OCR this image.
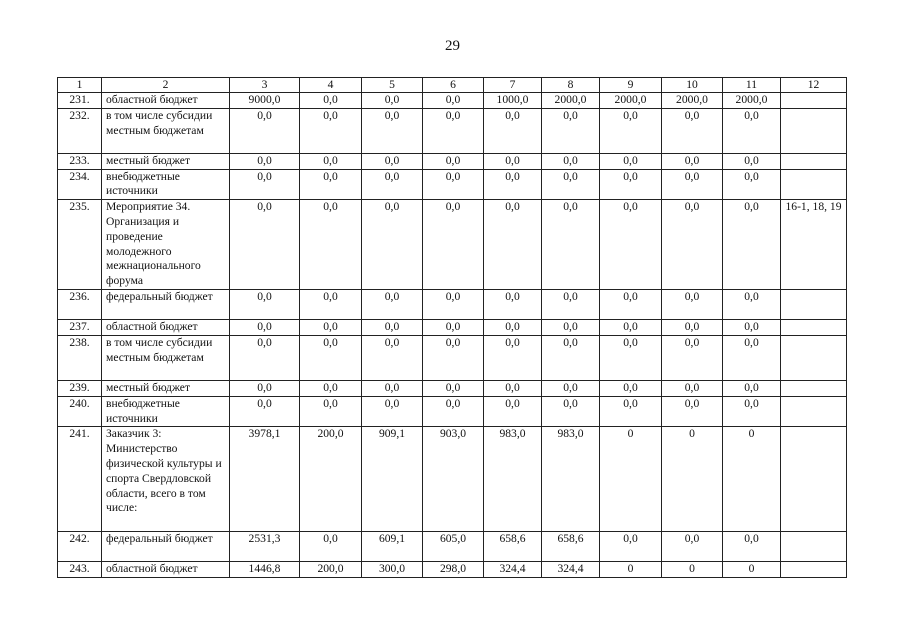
29
1	2	3	4	5	6	7	8	9	10	11	12
231.	областной бюджет	9000,0	0,0	0,0	0,0	1000,0	2000,0	2000,0	2000,0	2000,0	
232.	в том числе субсидии местным бюджетам	0,0	0,0	0,0	0,0	0,0	0,0	0,0	0,0	0,0	
233.	местный бюджет	0,0	0,0	0,0	0,0	0,0	0,0	0,0	0,0	0,0	
234.	внебюджетные источники	0,0	0,0	0,0	0,0	0,0	0,0	0,0	0,0	0,0	
235.	Мероприятие 34. Организация и проведение молодежного межнационального форума	0,0	0,0	0,0	0,0	0,0	0,0	0,0	0,0	0,0	16-1, 18, 19
236.	федеральный бюджет	0,0	0,0	0,0	0,0	0,0	0,0	0,0	0,0	0,0	
237.	областной бюджет	0,0	0,0	0,0	0,0	0,0	0,0	0,0	0,0	0,0	
238.	в том числе субсидии местным бюджетам	0,0	0,0	0,0	0,0	0,0	0,0	0,0	0,0	0,0	
239.	местный бюджет	0,0	0,0	0,0	0,0	0,0	0,0	0,0	0,0	0,0	
240.	внебюджетные источники	0,0	0,0	0,0	0,0	0,0	0,0	0,0	0,0	0,0	
241.	Заказчик 3: Министерство физической культуры и спорта Свердловской области, всего в том числе:	3978,1	200,0	909,1	903,0	983,0	983,0	0	0	0	
242.	федеральный бюджет	2531,3	0,0	609,1	605,0	658,6	658,6	0,0	0,0	0,0	
243.	областной бюджет	1446,8	200,0	300,0	298,0	324,4	324,4	0	0	0	
